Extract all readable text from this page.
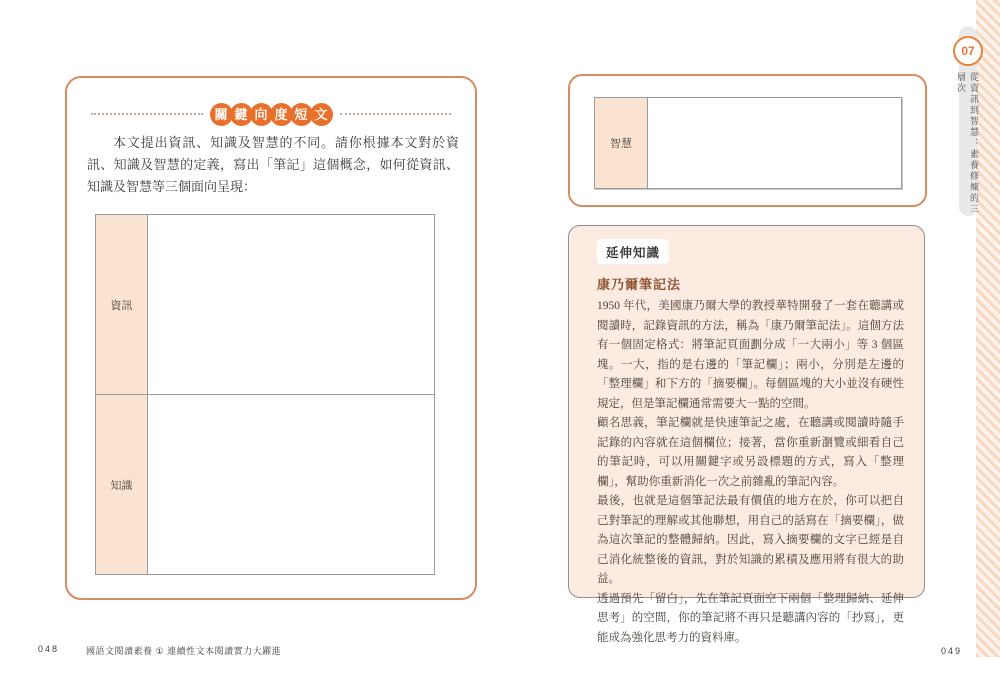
關 鍵 向 度 短 文

本文提出資訊、知識及智慧的不同。請你根據本文對於資訊、知識及智慧的定義，寫出「筆記」這個概念，如何從資訊、知識及智慧等三個面向呈現：

資訊
知識
智慧
延伸知識
康乃爾筆記法

1950 年代，美國康乃爾大學的教授華特開發了一套在聽講或閱讀時，記錄資訊的方法，稱為「康乃爾筆記法」。這個方法有一個固定格式：將筆記頁面劃分成「一大兩小」等 3 個區塊。一大，指的是右邊的「筆記欄」；兩小，分別是左邊的「整理欄」和下方的「摘要欄」。每個區塊的大小並沒有硬性規定，但是筆記欄通常需要大一點的空間。

顧名思義，筆記欄就是快速筆記之處，在聽講或閱讀時隨手記錄的內容就在這個欄位；接著，當你重新瀏覽或細看自己的筆記時，可以用關鍵字或另設標題的方式，寫入「整理欄」，幫助你重新消化一次之前雜亂的筆記內容。

最後，也就是這個筆記法最有價值的地方在於，你可以把自己對筆記的理解或其他聯想，用自己的話寫在「摘要欄」，做為這次筆記的整體歸納。因此，寫入摘要欄的文字已經是自己消化統整後的資訊，對於知識的累積及應用將有很大的助益。

透過預先「留白」，先在筆記頁面空下兩個「整理歸納、延伸思考」的空間，你的筆記將不再只是聽講內容的「抄寫」，更能成為強化思考力的資料庫。

07
從資訊到智慧：素養修煉的三層次
048	國語文閱讀素養 ① 連續性文本閱讀實力大躍進	049
